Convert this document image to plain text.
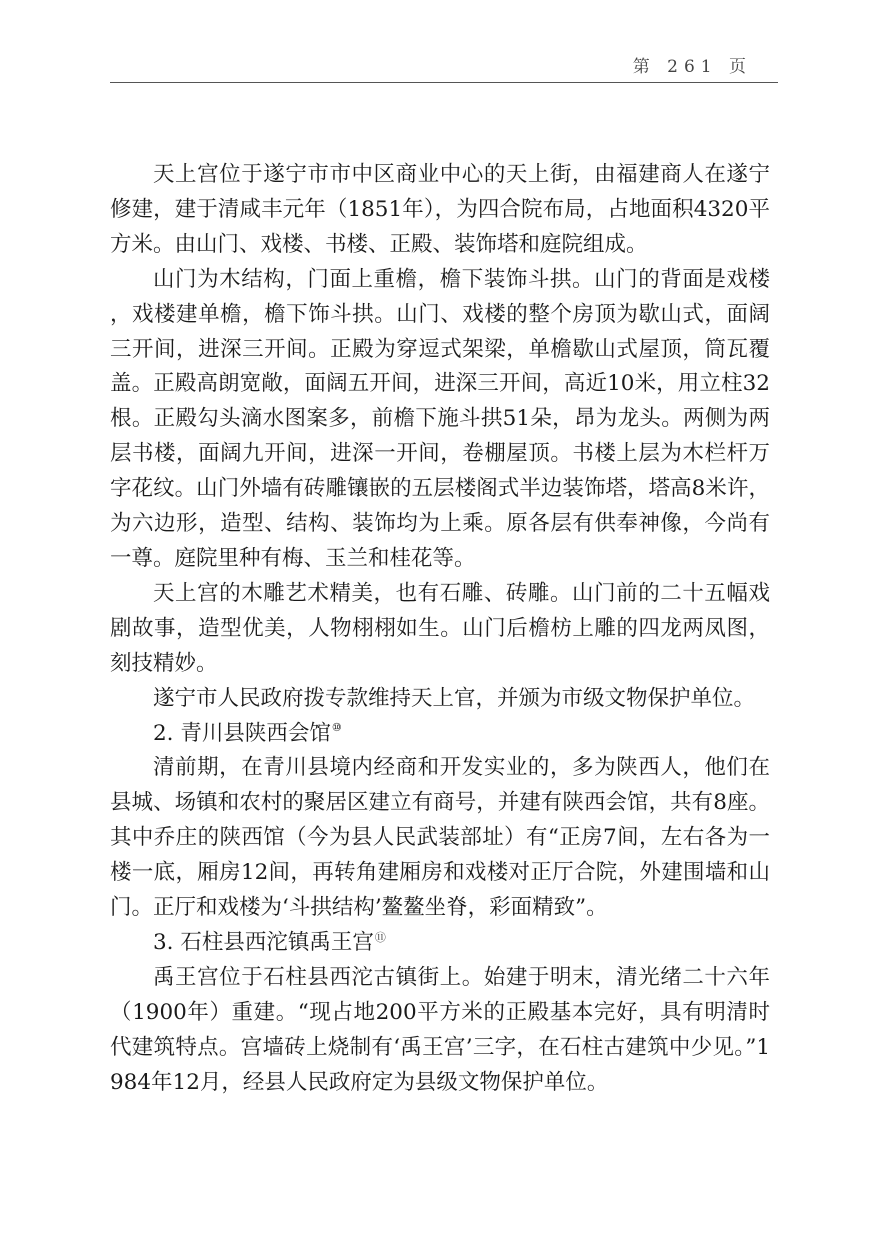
第 261 页

天上宫位于遂宁市市中区商业中心的天上街，由福建商人在遂宁修建，建于清咸丰元年（1851年），为四合院布局，占地面积4320平方米。由山门、戏楼、书楼、正殿、装饰塔和庭院组成。

山门为木结构，门面上重檐，檐下装饰斗拱。山门的背面是戏楼，戏楼建单檐，檐下饰斗拱。山门、戏楼的整个房顶为歇山式，面阔三开间，进深三开间。正殿为穿逗式架梁，单檐歇山式屋顶，筒瓦覆盖。正殿高朗宽敞，面阔五开间，进深三开间，高近10米，用立柱32根。正殿勾头滴水图案多，前檐下施斗拱51朵，昂为龙头。两侧为两层书楼，面阔九开间，进深一开间，卷棚屋顶。书楼上层为木栏杆万字花纹。山门外墙有砖雕镶嵌的五层楼阁式半边装饰塔，塔高8米许，为六边形，造型、结构、装饰均为上乘。原各层有供奉神像，今尚有一尊。庭院里种有梅、玉兰和桂花等。

天上宫的木雕艺术精美，也有石雕、砖雕。山门前的二十五幅戏剧故事，造型优美，人物栩栩如生。山门后檐枋上雕的四龙两凤图，刻技精妙。

遂宁市人民政府拨专款维持天上官，并颁为市级文物保护单位。

2. 青川县陕西会馆⑩

清前期，在青川县境内经商和开发实业的，多为陕西人，他们在县城、场镇和农村的聚居区建立有商号，并建有陕西会馆，共有8座。其中乔庄的陕西馆（今为县人民武装部址）有“正房7间，左右各为一楼一底，厢房12间，再转角建厢房和戏楼对正厅合院，外建围墙和山门。正厅和戏楼为‘斗拱结构’鳌鳌坐脊，彩面精致”。

3. 石柱县西沱镇禹王宫⑪

禹王宫位于石柱县西沱古镇街上。始建于明末，清光绪二十六年（1900年）重建。“现占地200平方米的正殿基本完好，具有明清时代建筑特点。宫墙砖上烧制有‘禹王宫’三字，在石柱古建筑中少见。”1984年12月，经县人民政府定为县级文物保护单位。
